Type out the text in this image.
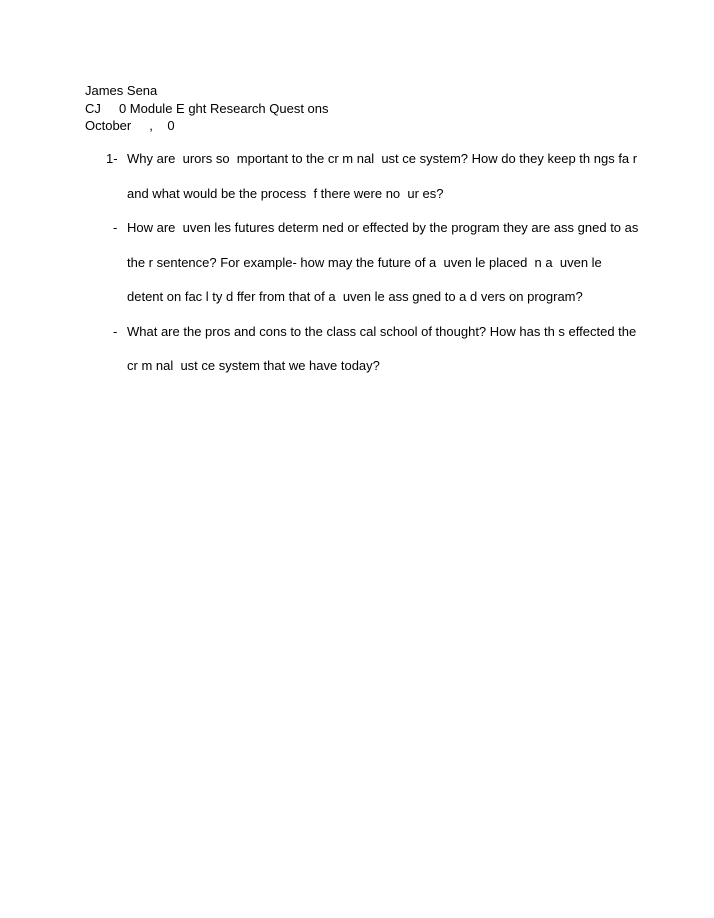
James Sena
CJ     0 Module E ght Research Quest ons
October     ,    0
1- Why are  urors so  mportant to the cr m nal  ust ce system? How do they keep th ngs fa r
and what would be the process  f there were no  ur es?
- How are  uven les futures determ ned or effected by the program they are ass gned to as
the r sentence? For example- how may the future of a  uven le placed  n a  uven le
detent on fac l ty d ffer from that of a  uven le ass gned to a d vers on program?
- What are the pros and cons to the class cal school of thought? How has th s effected the
cr m nal  ust ce system that we have today?
